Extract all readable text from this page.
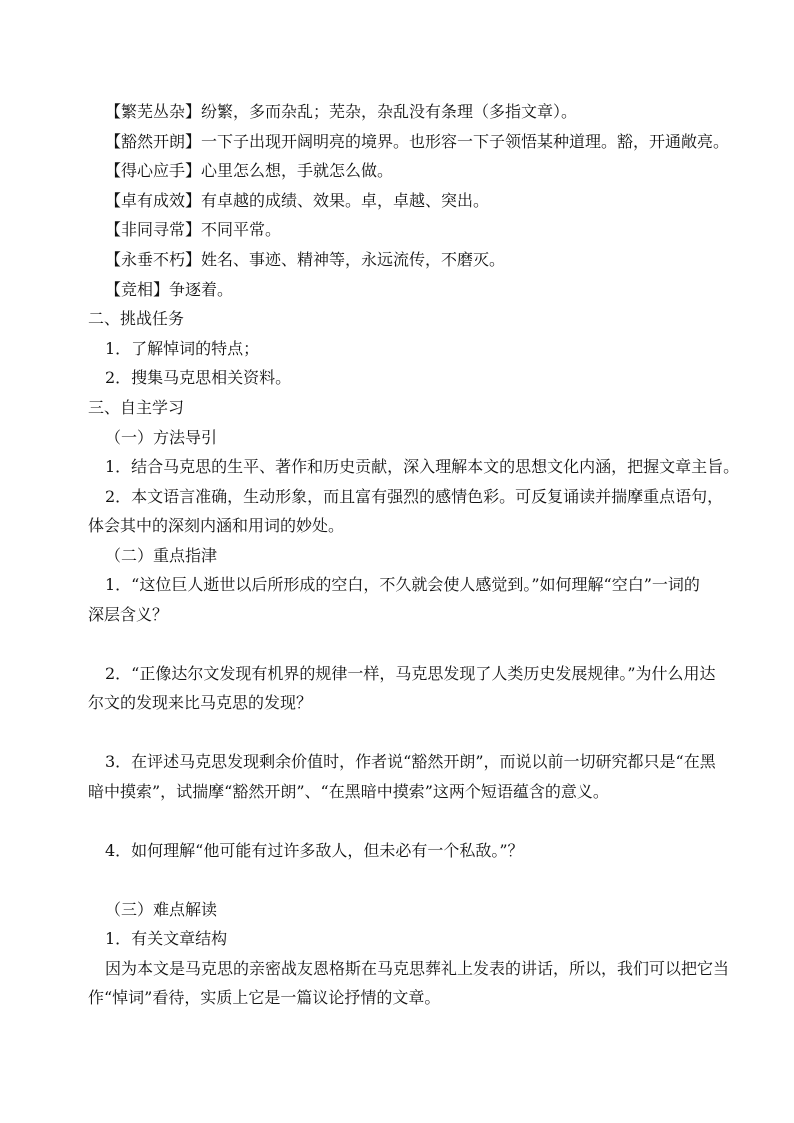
【繁芜丛杂】纷繁，多而杂乱；芜杂，杂乱没有条理（多指文章）。
【豁然开朗】一下子出现开阔明亮的境界。也形容一下子领悟某种道理。豁，开通敞亮。
【得心应手】心里怎么想，手就怎么做。
【卓有成效】有卓越的成绩、效果。卓，卓越、突出。
【非同寻常】不同平常。
【永垂不朽】姓名、事迹、精神等，永远流传，不磨灭。
【竞相】争逐着。
二、挑战任务
1．了解悼词的特点；
2．搜集马克思相关资料。
三、自主学习
（一）方法导引
1．结合马克思的生平、著作和历史贡献，深入理解本文的思想文化内涵，把握文章主旨。
2．本文语言准确，生动形象，而且富有强烈的感情色彩。可反复诵读并揣摩重点语句，
体会其中的深刻内涵和用词的妙处。
（二）重点指津
1．“这位巨人逝世以后所形成的空白，不久就会使人感觉到。”如何理解“空白”一词的
深层含义？
2．“正像达尔文发现有机界的规律一样，马克思发现了人类历史发展规律。”为什么用达
尔文的发现来比马克思的发现？
3．在评述马克思发现剩余价值时，作者说“豁然开朗”，而说以前一切研究都只是“在黑
暗中摸索”，试揣摩“豁然开朗”、“在黑暗中摸索”这两个短语蕴含的意义。
4．如何理解“他可能有过许多敌人，但未必有一个私敌。”？
（三）难点解读
1．有关文章结构
因为本文是马克思的亲密战友恩格斯在马克思葬礼上发表的讲话，所以，我们可以把它当
作“悼词”看待，实质上它是一篇议论抒情的文章。
